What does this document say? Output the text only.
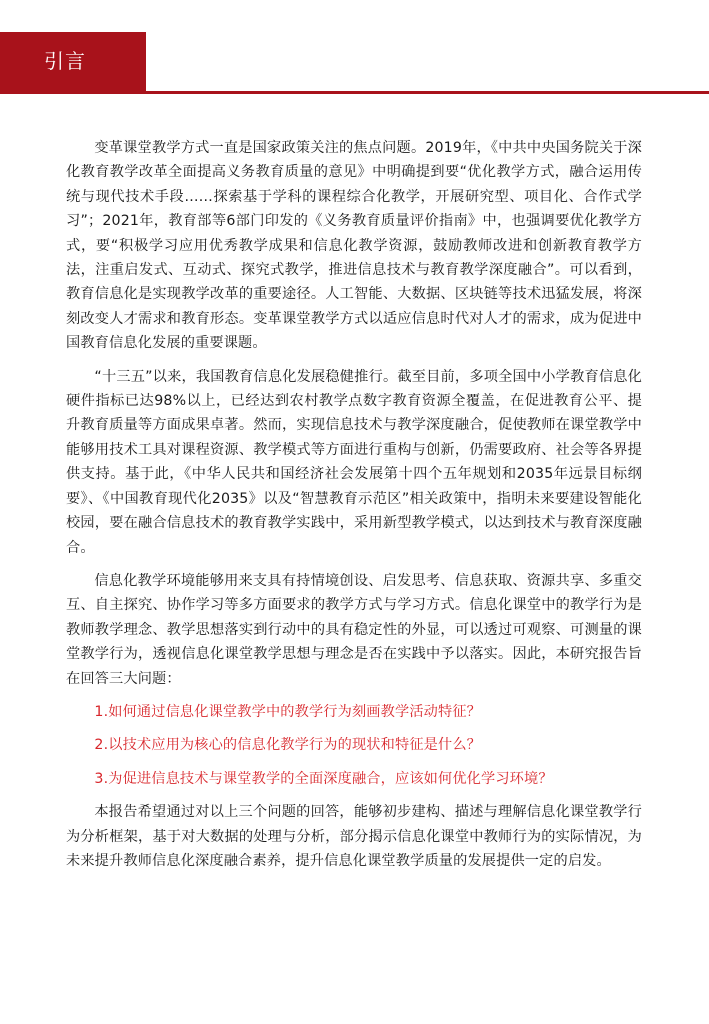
引言

变革课堂教学方式一直是国家政策关注的焦点问题。2019年，《中共中央国务院关于深化教育教学改革全面提高义务教育质量的意见》中明确提到要“优化教学方式，融合运用传统与现代技术手段……探索基于学科的课程综合化教学，开展研究型、项目化、合作式学习”；2021年，教育部等6部门印发的《义务教育质量评价指南》中，也强调要优化教学方式，要“积极学习应用优秀教学成果和信息化教学资源，鼓励教师改进和创新教育教学方法，注重启发式、互动式、探究式教学，推进信息技术与教育教学深度融合”。可以看到，教育信息化是实现教学改革的重要途径。人工智能、大数据、区块链等技术迅猛发展，将深刻改变人才需求和教育形态。变革课堂教学方式以适应信息时代对人才的需求，成为促进中国教育信息化发展的重要课题。

“十三五”以来，我国教育信息化发展稳健推行。截至目前，多项全国中小学教育信息化硬件指标已达98%以上，已经达到农村教学点数字教育资源全覆盖，在促进教育公平、提升教育质量等方面成果卓著。然而，实现信息技术与教学深度融合，促使教师在课堂教学中能够用技术工具对课程资源、教学模式等方面进行重构与创新，仍需要政府、社会等各界提供支持。基于此，《中华人民共和国经济社会发展第十四个五年规划和2035年远景目标纲要》、《中国教育现代化2035》以及“智慧教育示范区”相关政策中，指明未来要建设智能化校园，要在融合信息技术的教育教学实践中，采用新型教学模式，以达到技术与教育深度融合。

信息化教学环境能够用来支具有持情境创设、启发思考、信息获取、资源共享、多重交互、自主探究、协作学习等多方面要求的教学方式与学习方式。信息化课堂中的教学行为是教师教学理念、教学思想落实到行动中的具有稳定性的外显，可以透过可观察、可测量的课堂教学行为，透视信息化课堂教学思想与理念是否在实践中予以落实。因此，本研究报告旨在回答三大问题：

1.如何通过信息化课堂教学中的教学行为刻画教学活动特征？

2.以技术应用为核心的信息化教学行为的现状和特征是什么？

3.为促进信息技术与课堂教学的全面深度融合，应该如何优化学习环境？

本报告希望通过对以上三个问题的回答，能够初步建构、描述与理解信息化课堂教学行为分析框架，基于对大数据的处理与分析，部分揭示信息化课堂中教师行为的实际情况，为未来提升教师信息化深度融合素养，提升信息化课堂教学质量的发展提供一定的启发。
